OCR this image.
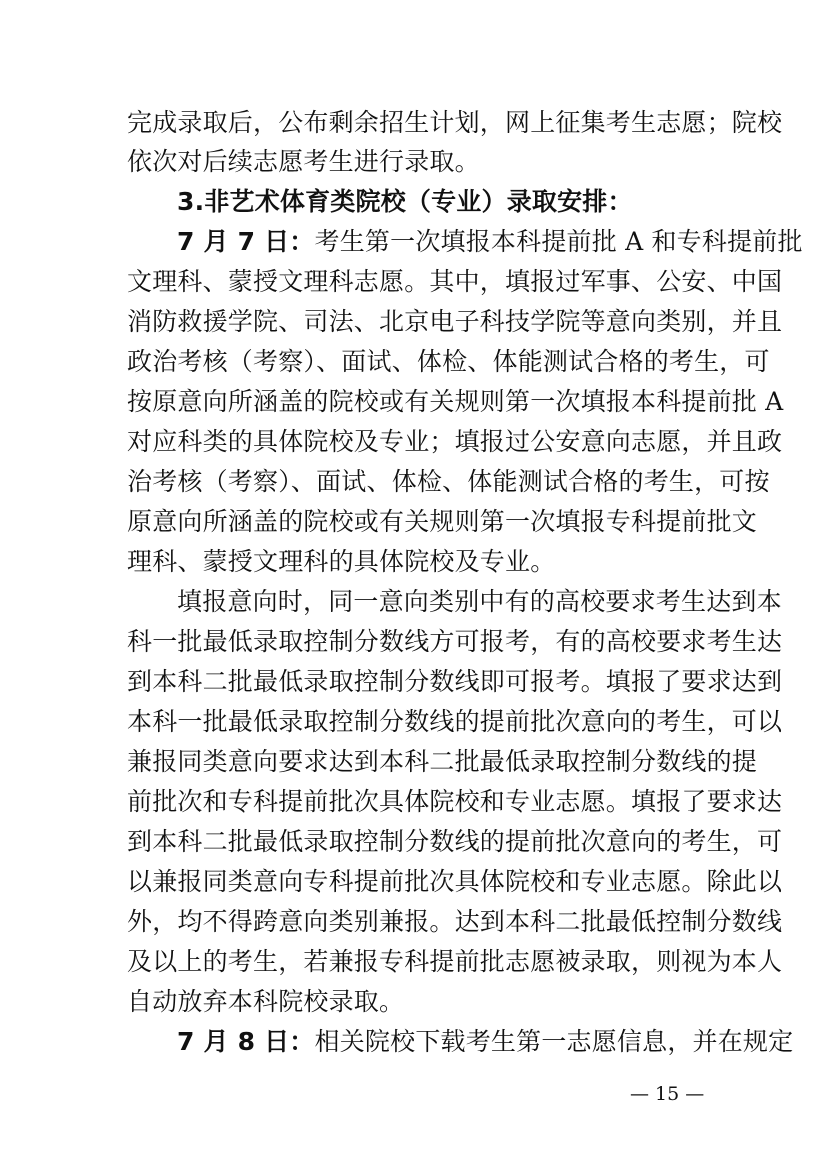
完成录取后，公布剩余招生计划，网上征集考生志愿；院校
依次对后续志愿考生进行录取。
3.非艺术体育类院校（专业）录取安排：
7 月 7 日：考生第一次填报本科提前批 A 和专科提前批
文理科、蒙授文理科志愿。其中，填报过军事、公安、中国
消防救援学院、司法、北京电子科技学院等意向类别，并且
政治考核（考察）、面试、体检、体能测试合格的考生，可
按原意向所涵盖的院校或有关规则第一次填报本科提前批 A
对应科类的具体院校及专业；填报过公安意向志愿，并且政
治考核（考察）、面试、体检、体能测试合格的考生，可按
原意向所涵盖的院校或有关规则第一次填报专科提前批文
理科、蒙授文理科的具体院校及专业。
填报意向时，同一意向类别中有的高校要求考生达到本
科一批最低录取控制分数线方可报考，有的高校要求考生达
到本科二批最低录取控制分数线即可报考。填报了要求达到
本科一批最低录取控制分数线的提前批次意向的考生，可以
兼报同类意向要求达到本科二批最低录取控制分数线的提
前批次和专科提前批次具体院校和专业志愿。填报了要求达
到本科二批最低录取控制分数线的提前批次意向的考生，可
以兼报同类意向专科提前批次具体院校和专业志愿。除此以
外，均不得跨意向类别兼报。达到本科二批最低控制分数线
及以上的考生，若兼报专科提前批志愿被录取，则视为本人
自动放弃本科院校录取。
7 月 8 日：相关院校下载考生第一志愿信息，并在规定
— 15 —
